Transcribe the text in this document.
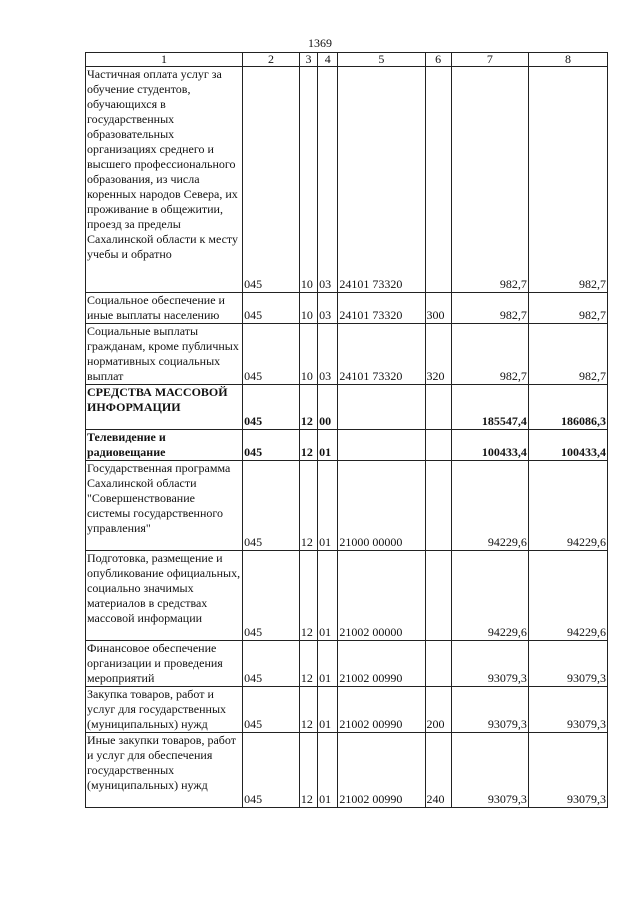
1369
1	2	3	4	5	6	7	8
Частичная оплата услуг за обучение студентов, обучающихся в государственных образовательных организациях среднего и высшего профессионального образования, из числа коренных народов Севера, их проживание в общежитии, проезд за пределы Сахалинской области к месту учебы и обратно	045	10	03	24101 73320		982,7	982,7
Социальное обеспечение и иные выплаты населению	045	10	03	24101 73320	300	982,7	982,7
Социальные выплаты гражданам, кроме публичных нормативных социальных выплат	045	10	03	24101 73320	320	982,7	982,7
СРЕДСТВА МАССОВОЙ ИНФОРМАЦИИ	045	12	00			185547,4	186086,3
Телевидение и радиовещание	045	12	01			100433,4	100433,4
Государственная программа Сахалинской области "Совершенствование системы государственного управления"	045	12	01	21000 00000		94229,6	94229,6
Подготовка, размещение и опубликование официальных, социально значимых материалов в средствах массовой информации	045	12	01	21002 00000		94229,6	94229,6
Финансовое обеспечение организации и проведения мероприятий	045	12	01	21002 00990		93079,3	93079,3
Закупка товаров, работ и услуг для государственных (муниципальных) нужд	045	12	01	21002 00990	200	93079,3	93079,3
Иные закупки товаров, работ и услуг для обеспечения государственных (муниципальных) нужд	045	12	01	21002 00990	240	93079,3	93079,3
